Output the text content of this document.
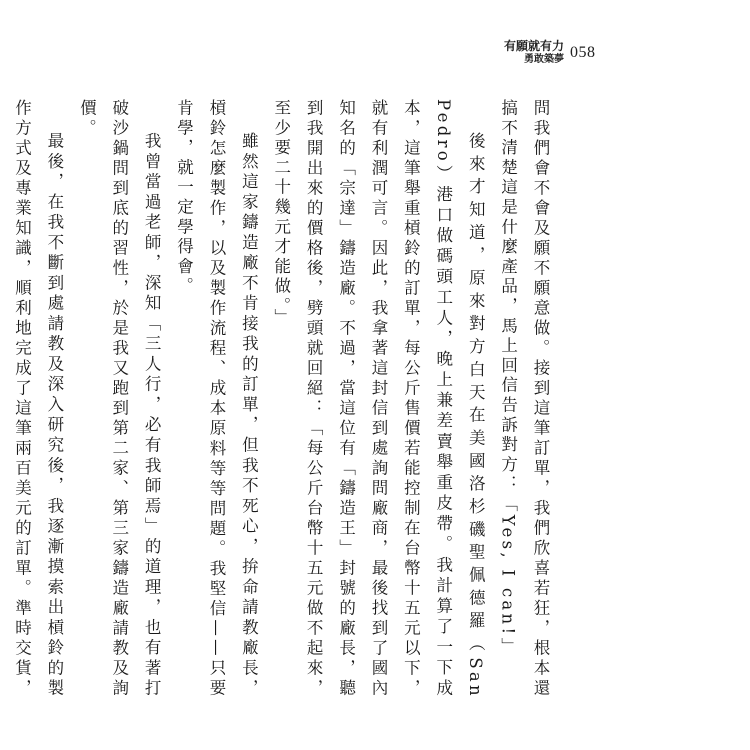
有願就有力
勇敢築夢 058

問我們會不會及願不願意做。接到這筆訂單，我們欣喜若狂，根本還搞不清楚這是什麼產品，馬上回信告訴對方：「Yes, I can!」

後來才知道，原來對方白天在美國洛杉磯聖佩德羅（San Pedro）港口做碼頭工人，晚上兼差賣舉重皮帶。我計算了一下成本，這筆舉重槓鈴的訂單，每公斤售價若能控制在台幣十五元以下，就有利潤可言。因此，我拿著這封信到處詢問廠商，最後找到了國內知名的「宗達」鑄造廠。不過，當這位有「鑄造王」封號的廠長，聽到我開出來的價格後，劈頭就回絕：「每公斤台幣十五元做不起來，至少要二十幾元才能做。」

雖然這家鑄造廠不肯接我的訂單，但我不死心，拚命請教廠長，槓鈴怎麼製作，以及製作流程、成本原料等等問題。我堅信——只要肯學，就一定學得會。

我曾當過老師，深知「三人行，必有我師焉」的道理，也有著打破沙鍋問到底的習性，於是我又跑到第二家、第三家鑄造廠請教及詢價。

最後，在我不斷到處請教及深入研究後，我逐漸摸索出槓鈴的製作方式及專業知識，順利地完成了這筆兩百美元的訂單。準時交貨，
